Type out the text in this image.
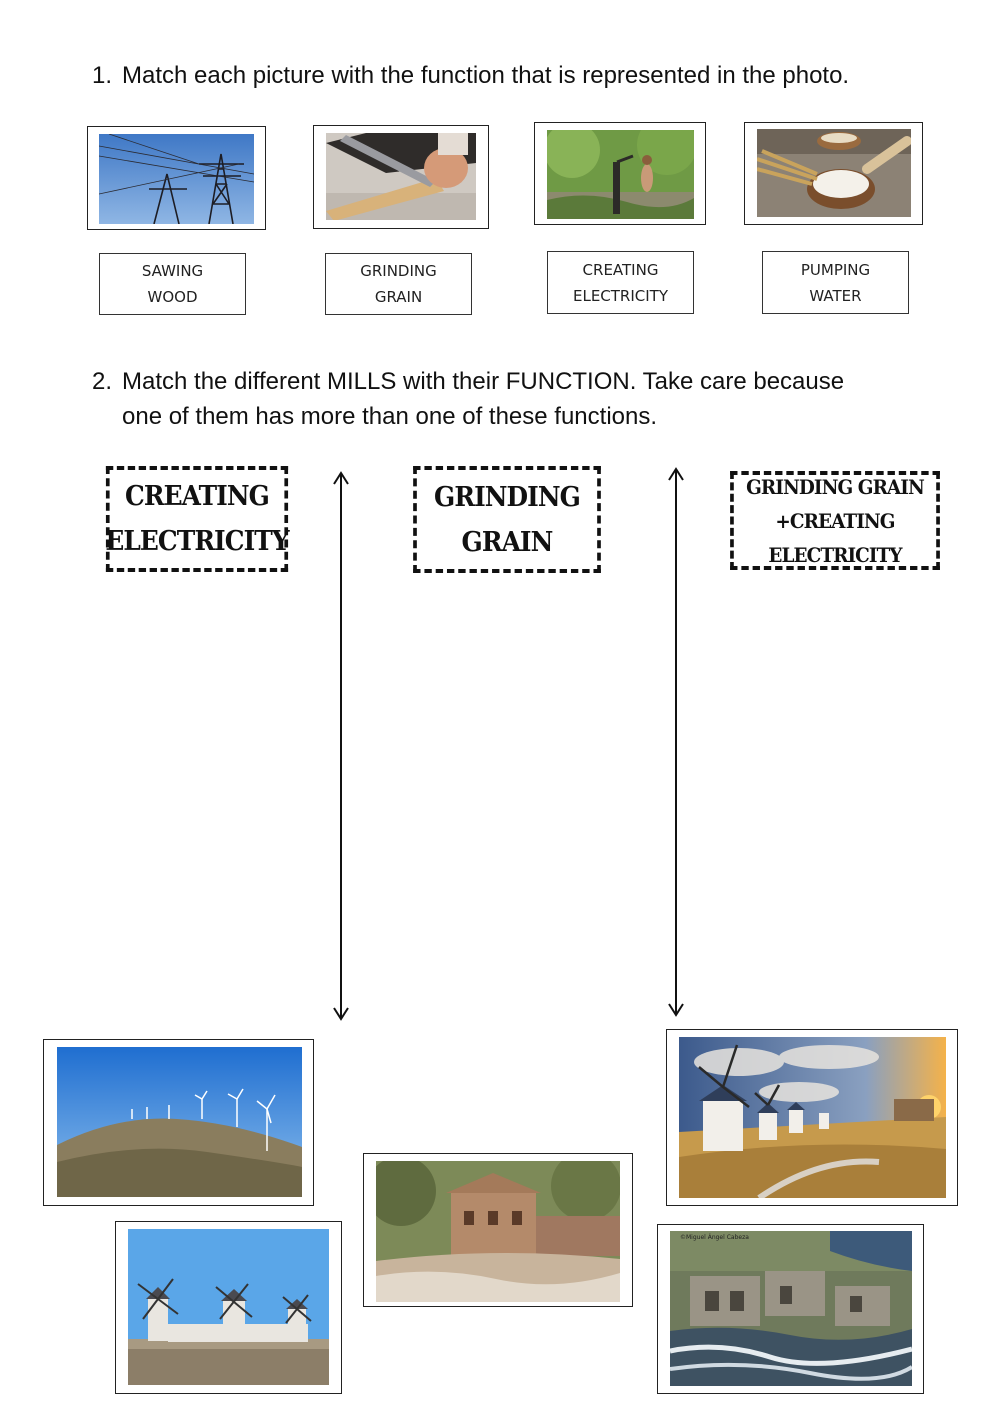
1. Match each picture with the function that is represented in the photo.
SAWING
WOOD
GRINDING
GRAIN
CREATING
ELECTRICITY
PUMPING
WATER
2. Match the different MILLS with their FUNCTION. Take care because
one of them has more than one of these functions.
CREATING
ELECTRICITY
GRINDING
GRAIN
GRINDING GRAIN
+CREATING ELECTRICITY
©Miguel Ángel Cabeza
